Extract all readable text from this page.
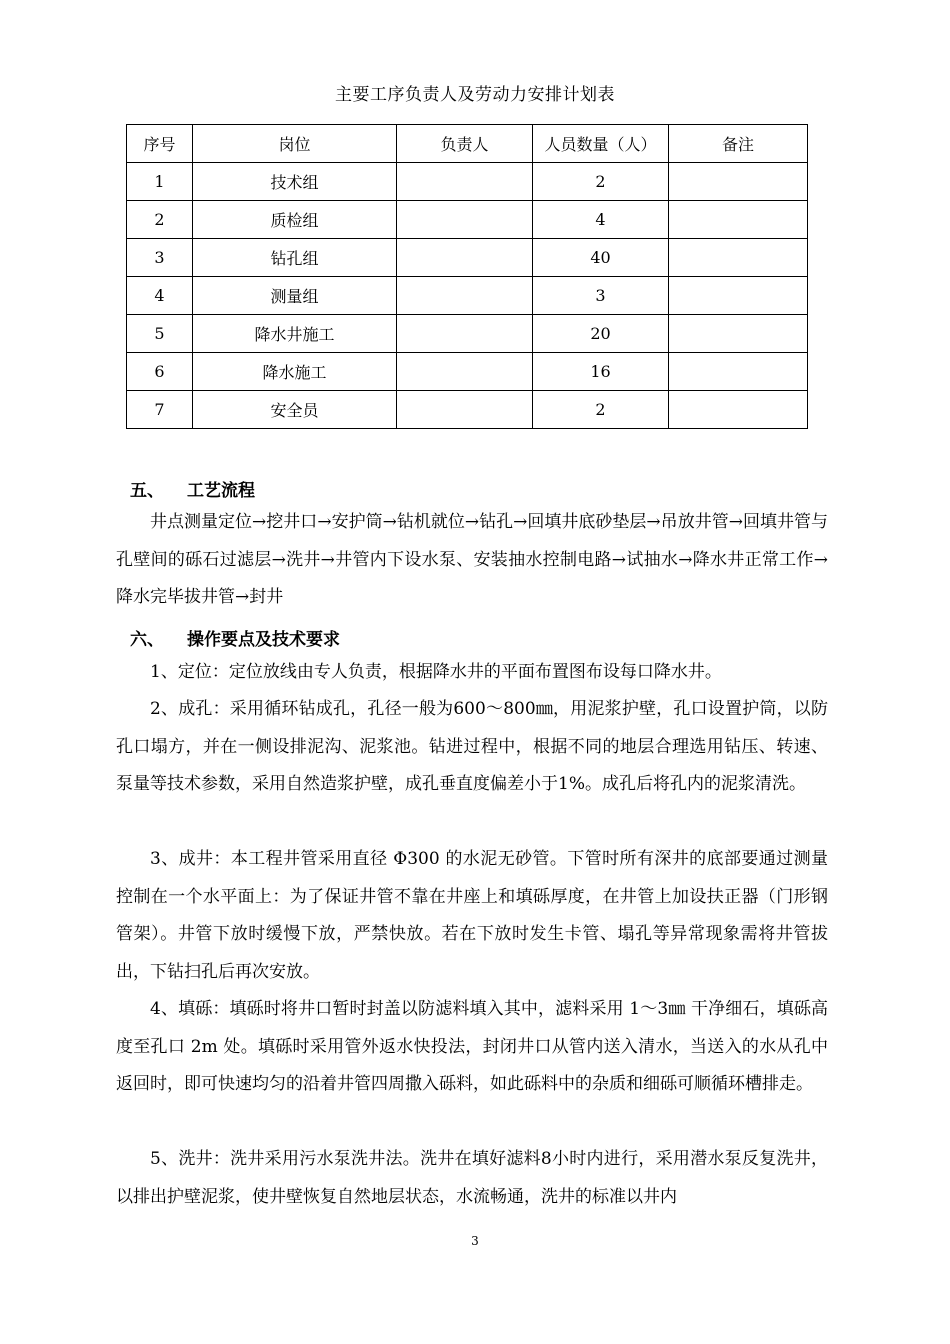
主要工序负责人及劳动力安排计划表
序号	岗位	负责人	人员数量（人）	备注
1	技术组		2	
2	质检组		4	
3	钻孔组		40	
4	测量组		3	
5	降水井施工		20	
6	降水施工		16	
7	安全员		2	
五、 工艺流程
井点测量定位→挖井口→安护筒→钻机就位→钻孔→回填井底砂垫层→吊放井管→回填井管与孔壁间的砾石过滤层→洗井→井管内下设水泵、安装抽水控制电路→试抽水→降水井正常工作→降水完毕拔井管→封井
六、 操作要点及技术要求
1、定位：定位放线由专人负责，根据降水井的平面布置图布设每口降水井。
2、成孔：采用循环钻成孔，孔径一般为600～800㎜，用泥浆护壁，孔口设置护筒，以防孔口塌方，并在一侧设排泥沟、泥浆池。钻进过程中，根据不同的地层合理选用钻压、转速、泵量等技术参数，采用自然造浆护壁，成孔垂直度偏差小于1%。成孔后将孔内的泥浆清洗。
3、成井：本工程井管采用直径 Φ300 的水泥无砂管。下管时所有深井的底部要通过测量控制在一个水平面上：为了保证井管不靠在井座上和填砾厚度，在井管上加设扶正器（门形钢管架）。井管下放时缓慢下放，严禁快放。若在下放时发生卡管、塌孔等异常现象需将井管拔出，下钻扫孔后再次安放。
4、填砾：填砾时将井口暂时封盖以防滤料填入其中，滤料采用 1～3㎜ 干净细石，填砾高度至孔口 2m 处。填砾时采用管外返水快投法，封闭井口从管内送入清水，当送入的水从孔中返回时，即可快速均匀的沿着井管四周撒入砾料，如此砾料中的杂质和细砾可顺循环槽排走。
5、洗井：洗井采用污水泵洗井法。洗井在填好滤料8小时内进行，采用潜水泵反复洗井，以排出护壁泥浆，使井壁恢复自然地层状态，水流畅通，洗井的标准以井内
3
